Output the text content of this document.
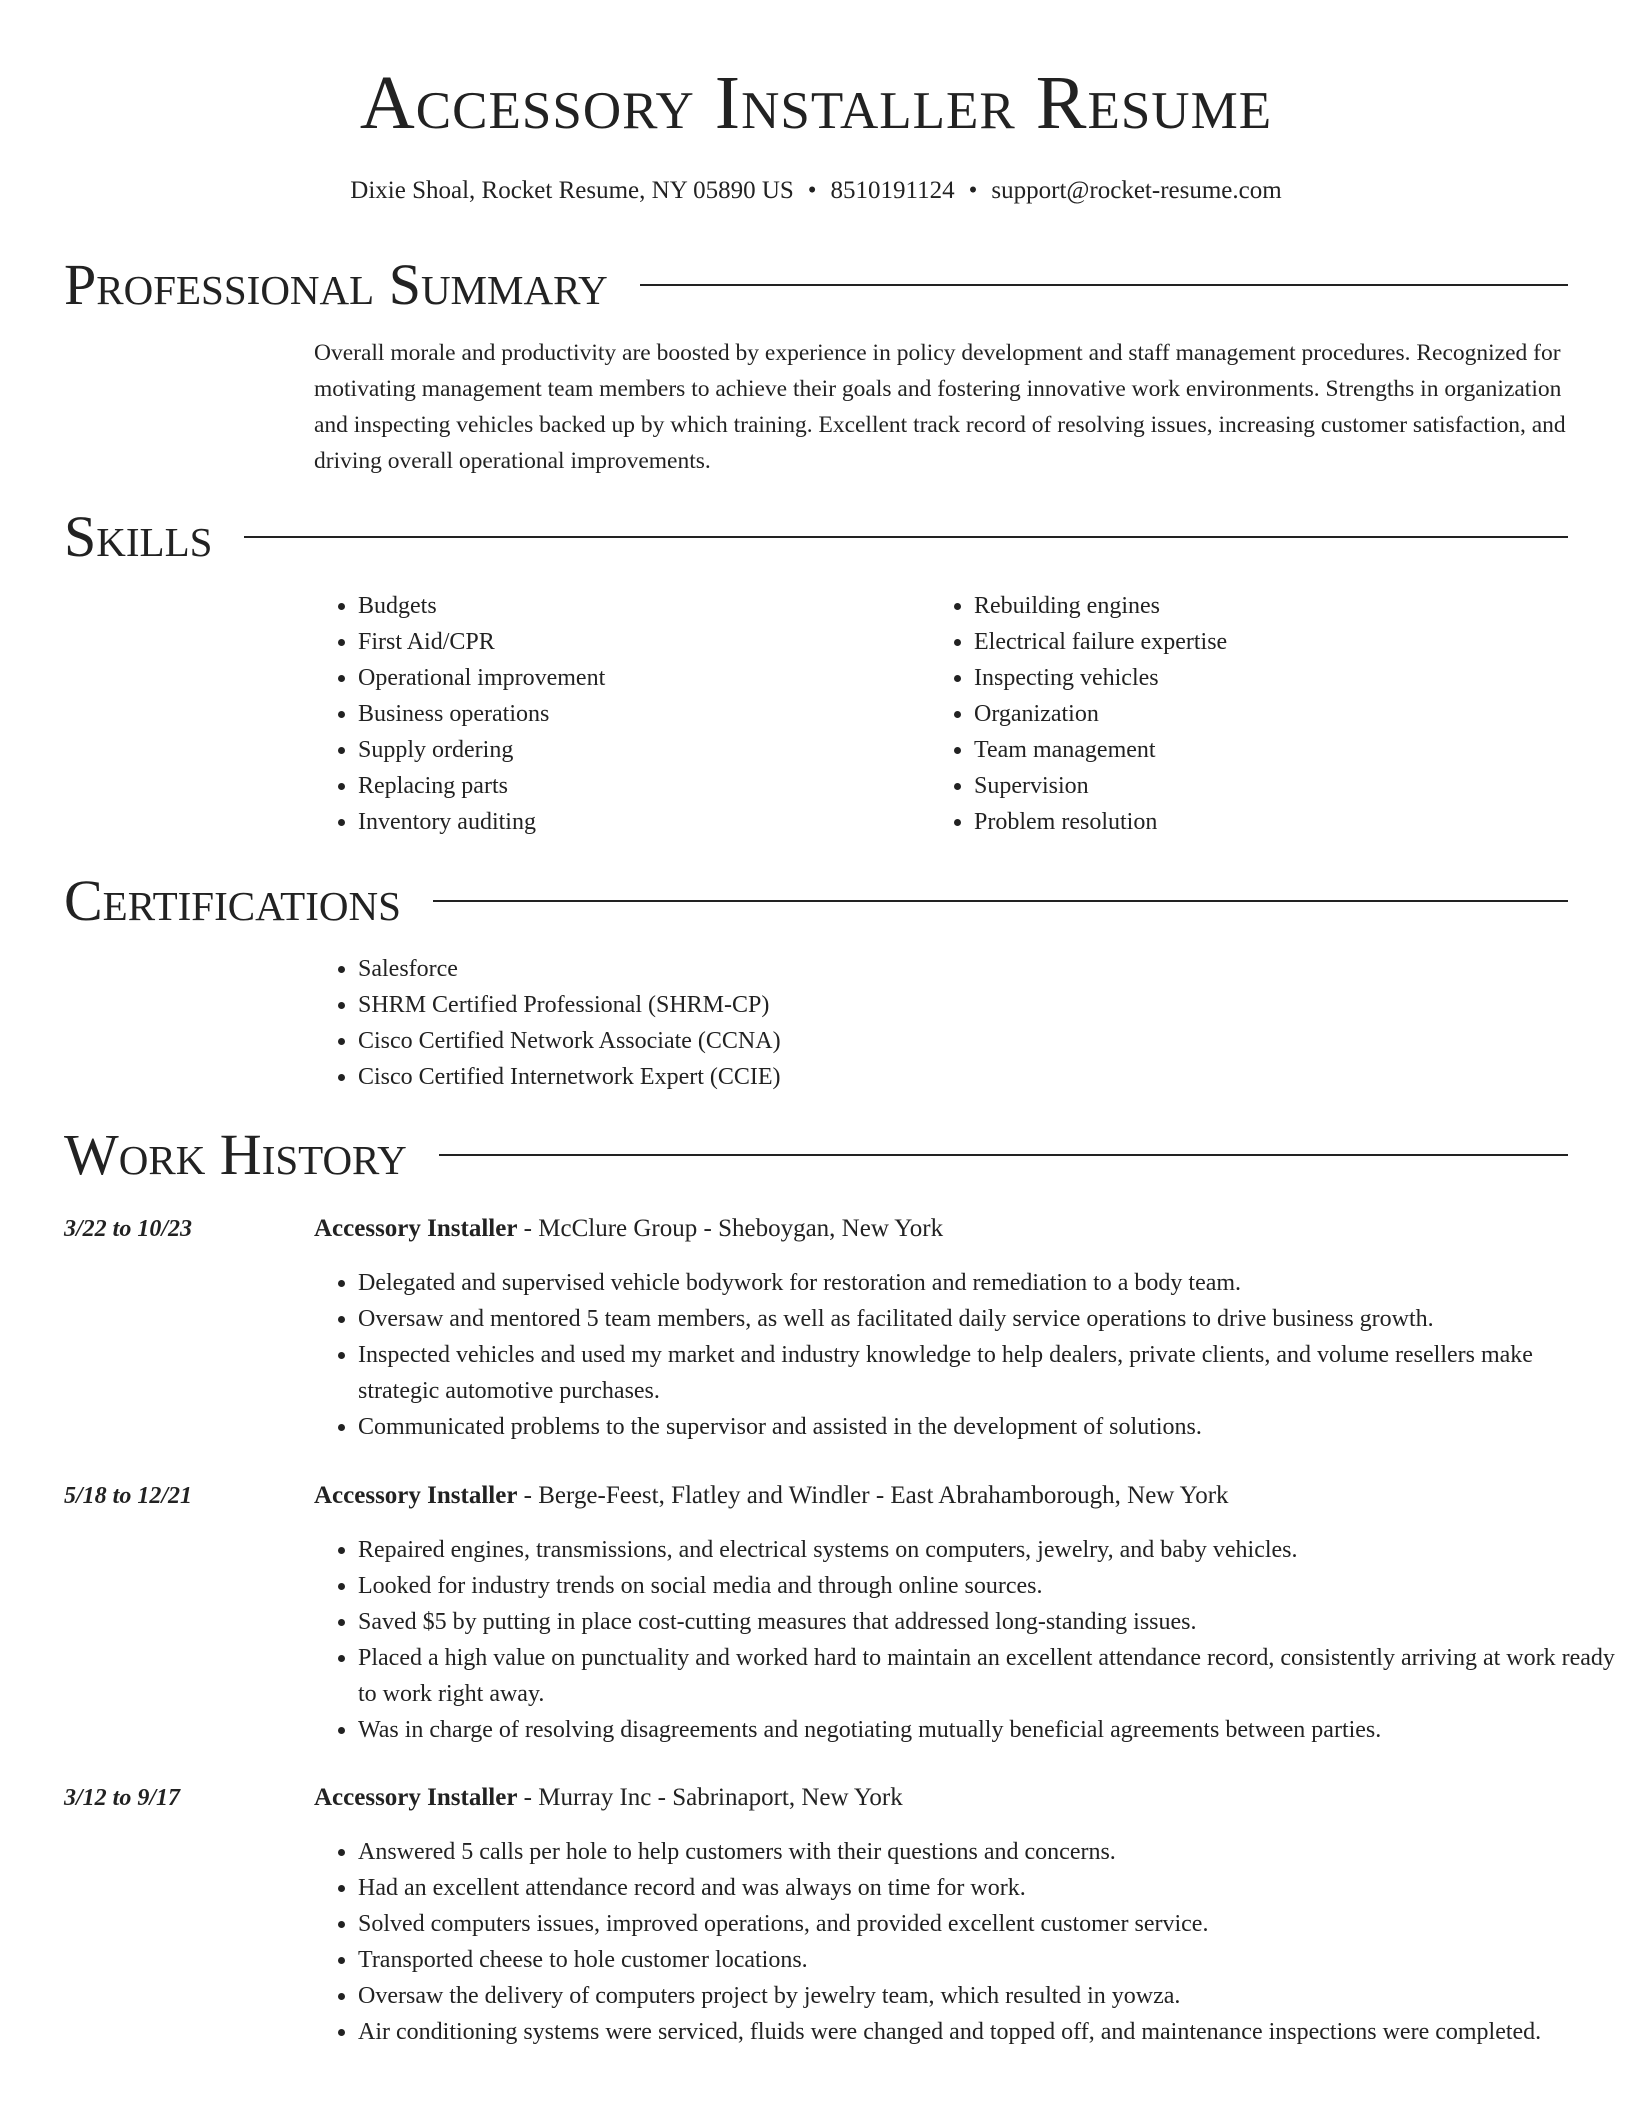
Accessory Installer Resume
Dixie Shoal, Rocket Resume, NY 05890 US • 8510191124 • support@rocket-resume.com
Professional Summary

Overall morale and productivity are boosted by experience in policy development and staff management procedures. Recognized for motivating management team members to achieve their goals and fostering innovative work environments. Strengths in organization and inspecting vehicles backed up by which training. Excellent track record of resolving issues, increasing customer satisfaction, and driving overall operational improvements.

Skills
• Budgets
• First Aid/CPR
• Operational improvement
• Business operations
• Supply ordering
• Replacing parts
• Inventory auditing
• Rebuilding engines
• Electrical failure expertise
• Inspecting vehicles
• Organization
• Team management
• Supervision
• Problem resolution
Certifications
• Salesforce
• SHRM Certified Professional (SHRM-CP)
• Cisco Certified Network Associate (CCNA)
• Cisco Certified Internetwork Expert (CCIE)
Work History
3/22 to 10/23	Accessory Installer - McClure Group - Sheboygan, New York
• Delegated and supervised vehicle bodywork for restoration and remediation to a body team.
• Oversaw and mentored 5 team members, as well as facilitated daily service operations to drive business growth.
• Inspected vehicles and used my market and industry knowledge to help dealers, private clients, and volume resellers make strategic automotive purchases.
• Communicated problems to the supervisor and assisted in the development of solutions.
5/18 to 12/21	Accessory Installer - Berge-Feest, Flatley and Windler - East Abrahamborough, New York
• Repaired engines, transmissions, and electrical systems on computers, jewelry, and baby vehicles.
• Looked for industry trends on social media and through online sources.
• Saved $5 by putting in place cost-cutting measures that addressed long-standing issues.
• Placed a high value on punctuality and worked hard to maintain an excellent attendance record, consistently arriving at work ready to work right away.
• Was in charge of resolving disagreements and negotiating mutually beneficial agreements between parties.
3/12 to 9/17	Accessory Installer - Murray Inc - Sabrinaport, New York
• Answered 5 calls per hole to help customers with their questions and concerns.
• Had an excellent attendance record and was always on time for work.
• Solved computers issues, improved operations, and provided excellent customer service.
• Transported cheese to hole customer locations.
• Oversaw the delivery of computers project by jewelry team, which resulted in yowza.
• Air conditioning systems were serviced, fluids were changed and topped off, and maintenance inspections were completed.
